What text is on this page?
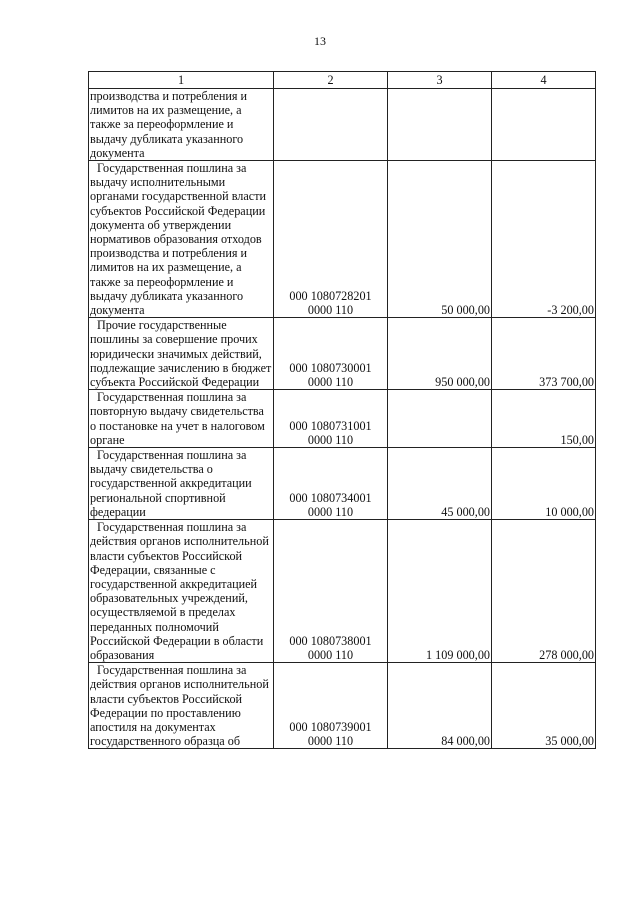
13
1	2	3	4

производства и потребления и лимитов на их размещение, а также за переоформление и выдачу дубликата указанного документа			

Государственная пошлина за выдачу исполнительными органами государственной власти субъектов Российской Федерации документа об утверждении нормативов образования отходов производства и потребления и лимитов на их размещение, а также за переоформление и выдачу дубликата указанного документа	000 1080728201
0000 110	50 000,00	-3 200,00

Прочие государственные пошлины за совершение прочих юридически значимых действий, подлежащие зачислению в бюджет субъекта Российской Федерации	000 1080730001
0000 110	950 000,00	373 700,00

Государственная пошлина за повторную выдачу свидетельства о постановке на учет в налоговом органе	000 1080731001
0000 110		150,00

Государственная пошлина за выдачу свидетельства о государственной аккредитации региональной спортивной федерации	000 1080734001
0000 110	45 000,00	10 000,00

Государственная пошлина за действия органов исполнительной власти субъектов Российской Федерации, связанные с государственной аккредитацией образовательных учреждений, осуществляемой в пределах переданных полномочий Российской Федерации в области образования	000 1080738001
0000 110	1 109 000,00	278 000,00

Государственная пошлина за действия органов исполнительной власти субъектов Российской Федерации по проставлению апостиля на документах государственного образца об	000 1080739001
0000 110	84 000,00	35 000,00
